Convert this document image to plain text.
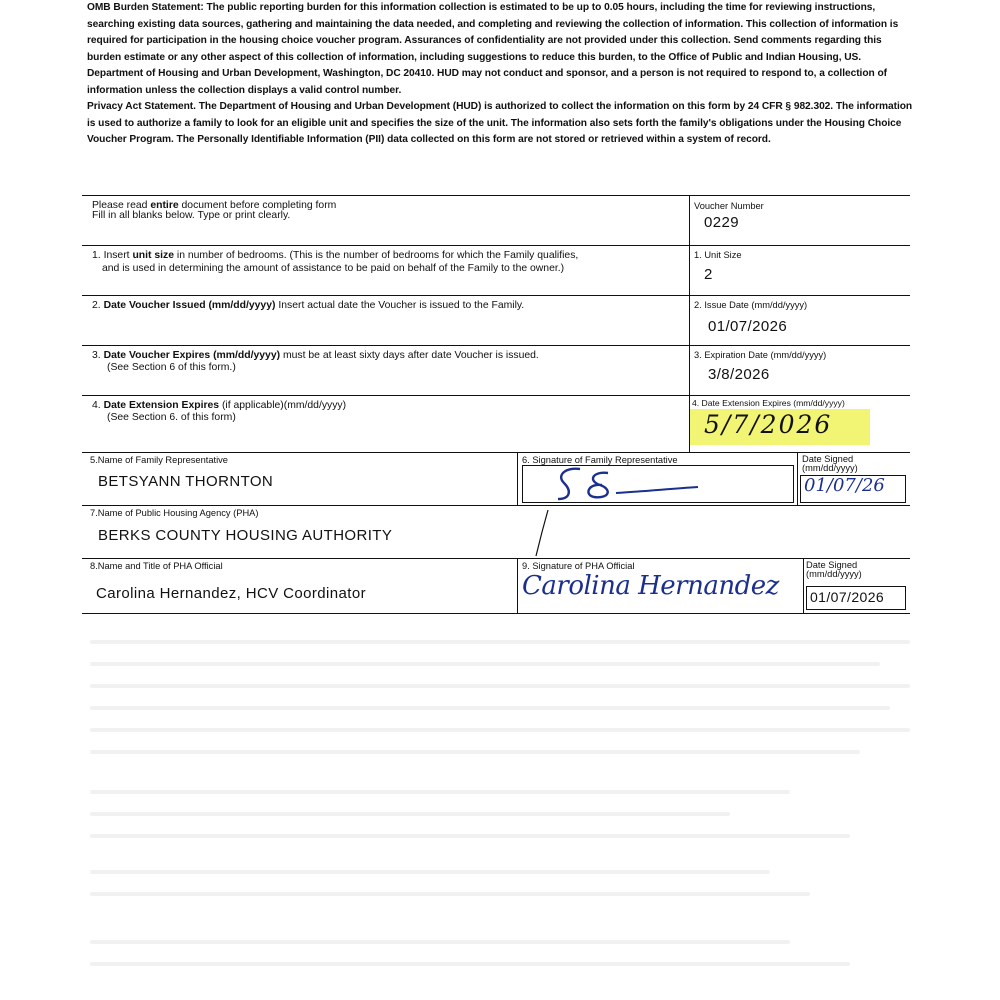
OMB Burden Statement: The public reporting burden for this information collection is estimated to be up to 0.05 hours, including the time for reviewing instructions, searching existing data sources, gathering and maintaining the data needed, and completing and reviewing the collection of information. This collection of information is required for participation in the housing choice voucher program. Assurances of confidentiality are not provided under this collection. Send comments regarding this burden estimate or any other aspect of this collection of information, including suggestions to reduce this burden, to the Office of Public and Indian Housing, US. Department of Housing and Urban Development, Washington, DC 20410. HUD may not conduct and sponsor, and a person is not required to respond to, a collection of information unless the collection displays a valid control number.

Privacy Act Statement. The Department of Housing and Urban Development (HUD) is authorized to collect the information on this form by 24 CFR § 982.302. The information is used to authorize a family to look for an eligible unit and specifies the size of the unit. The information also sets forth the family's obligations under the Housing Choice Voucher Program. The Personally Identifiable Information (PII) data collected on this form are not stored or retrieved within a system of record.

Please read entire document before completing form
Fill in all blanks below. Type or print clearly.
Voucher Number
0229
1. Insert unit size in number of bedrooms. (This is the number of bedrooms for which the Family qualifies,
and is used in determining the amount of assistance to be paid on behalf of the Family to the owner.)
1. Unit Size
2
2. Date Voucher Issued (mm/dd/yyyy) Insert actual date the Voucher is issued to the Family.	2. Issue Date (mm/dd/yyyy)
01/07/2026
3. Date Voucher Expires (mm/dd/yyyy) must be at least sixty days after date Voucher is issued.
(See Section 6 of this form.)
3. Expiration Date (mm/dd/yyyy)
3/8/2026
4. Date Extension Expires (if applicable)(mm/dd/yyyy)
(See Section 6. of this form)
4. Date Extension Expires (mm/dd/yyyy)
5/7/2026
5.Name of Family Representative
BETSYANN THORNTON
6. Signature of Family Representative	Date Signed
(mm/dd/yyyy)
01/07/26
7.Name of Public Housing Agency (PHA)
BERKS COUNTY HOUSING AUTHORITY
8.Name and Title of PHA Official
Carolina Hernandez, HCV Coordinator
9. Signature of PHA Official
Carolina Hernandez
Date Signed
(mm/dd/yyyy)
01/07/2026
